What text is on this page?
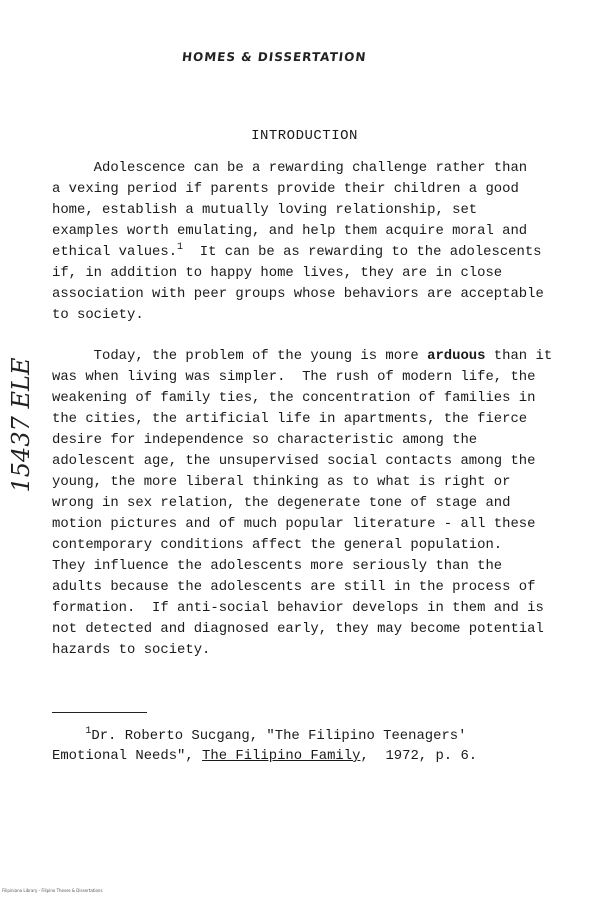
HOMES & DISSERTATION
15437 ELE
INTRODUCTION
Adolescence can be a rewarding challenge rather than
a vexing period if parents provide their children a good
home, establish a mutually loving relationship, set
examples worth emulating, and help them acquire moral and
ethical values.$^1$  It can be as rewarding to the adolescents
if, in addition to happy home lives, they are in close
association with peer groups whose behaviors are acceptable
to society.
Today, the problem of the young is more arduous than it
was when living was simpler.  The rush of modern life, the
weakening of family ties, the concentration of families in
the cities, the artificial life in apartments, the fierce
desire for independence so characteristic among the
adolescent age, the unsupervised social contacts among the
young, the more liberal thinking as to what is right or
wrong in sex relation, the degenerate tone of stage and
motion pictures and of much popular literature - all these
contemporary conditions affect the general population.
They influence the adolescents more seriously than the
adults because the adolescents are still in the process of
formation.  If anti-social behavior develops in them and is
not detected and diagnosed early, they may become potential
hazards to society.
$^1$Dr. Roberto Sucgang, "The Filipino Teenagers'
Emotional Needs", The Filipino Family,  1972, p. 6.
Filipiniana Library - Filipino Theses & Dissertations
